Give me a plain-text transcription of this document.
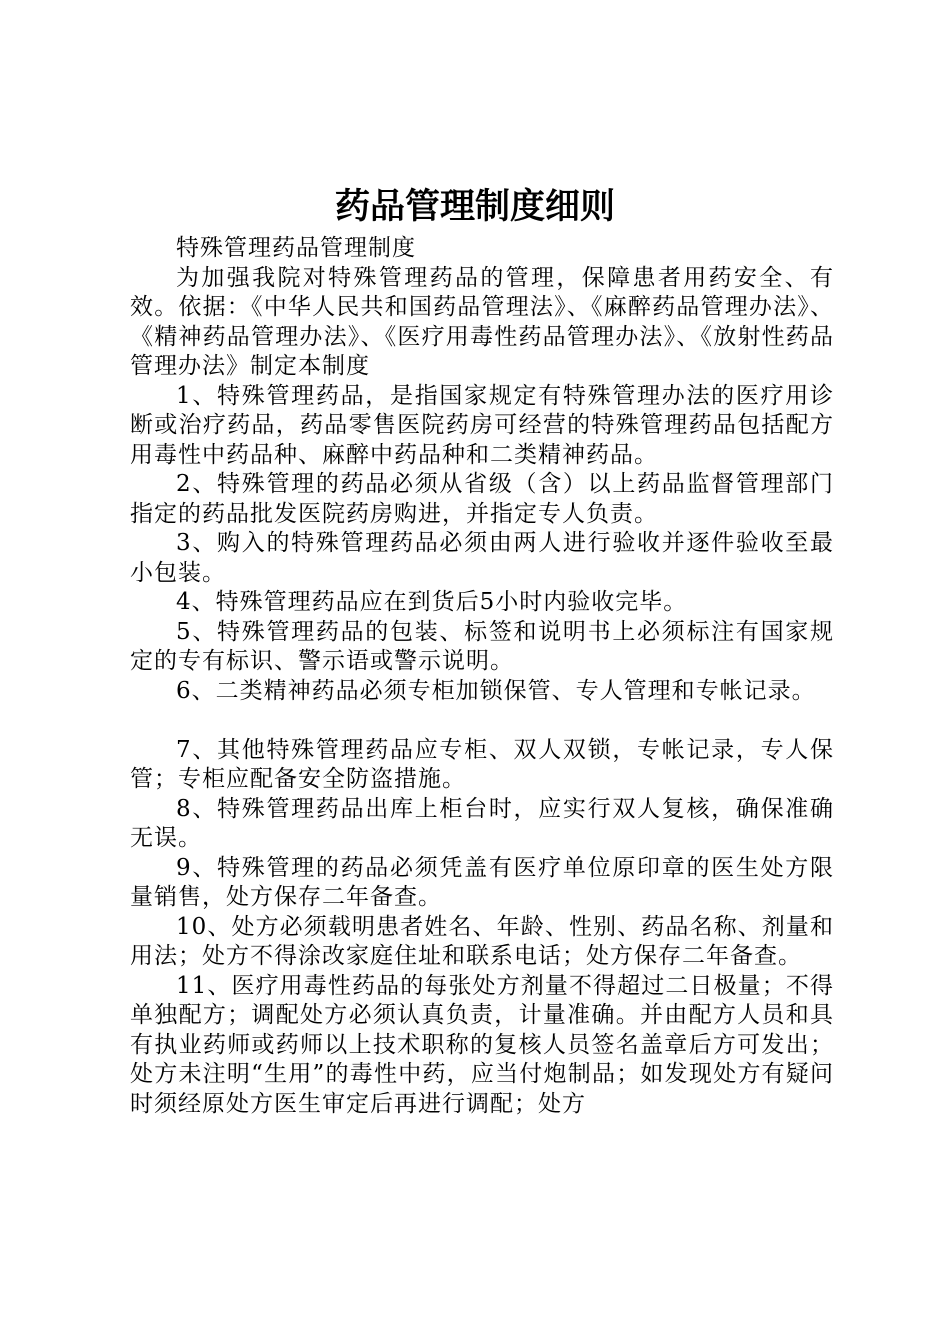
药品管理制度细则

特殊管理药品管理制度

为加强我院对特殊管理药品的管理，保障患者用药安全、有效。依据：《中华人民共和国药品管理法》、《麻醉药品管理办法》、《精神药品管理办法》、《医疗用毒性药品管理办法》、《放射性药品管理办法》制定本制度

1、特殊管理药品，是指国家规定有特殊管理办法的医疗用诊断或治疗药品，药品零售医院药房可经营的特殊管理药品包括配方用毒性中药品种、麻醉中药品种和二类精神药品。

2、特殊管理的药品必须从省级（含）以上药品监督管理部门指定的药品批发医院药房购进，并指定专人负责。

3、购入的特殊管理药品必须由两人进行验收并逐件验收至最小包装。

4、特殊管理药品应在到货后5小时内验收完毕。

5、特殊管理药品的包装、标签和说明书上必须标注有国家规定的专有标识、警示语或警示说明。

6、二类精神药品必须专柜加锁保管、专人管理和专帐记录。

7、其他特殊管理药品应专柜、双人双锁，专帐记录，专人保管；专柜应配备安全防盗措施。

8、特殊管理药品出库上柜台时，应实行双人复核，确保准确无误。

9、特殊管理的药品必须凭盖有医疗单位原印章的医生处方限量销售，处方保存二年备查。

10、处方必须载明患者姓名、年龄、性别、药品名称、剂量和用法；处方不得涂改家庭住址和联系电话；处方保存二年备查。

11、医疗用毒性药品的每张处方剂量不得超过二日极量；不得单独配方；调配处方必须认真负责，计量准确。并由配方人员和具有执业药师或药师以上技术职称的复核人员签名盖章后方可发出；处方未注明“生用”的毒性中药，应当付炮制品；如发现处方有疑问时须经原处方医生审定后再进行调配；处方
